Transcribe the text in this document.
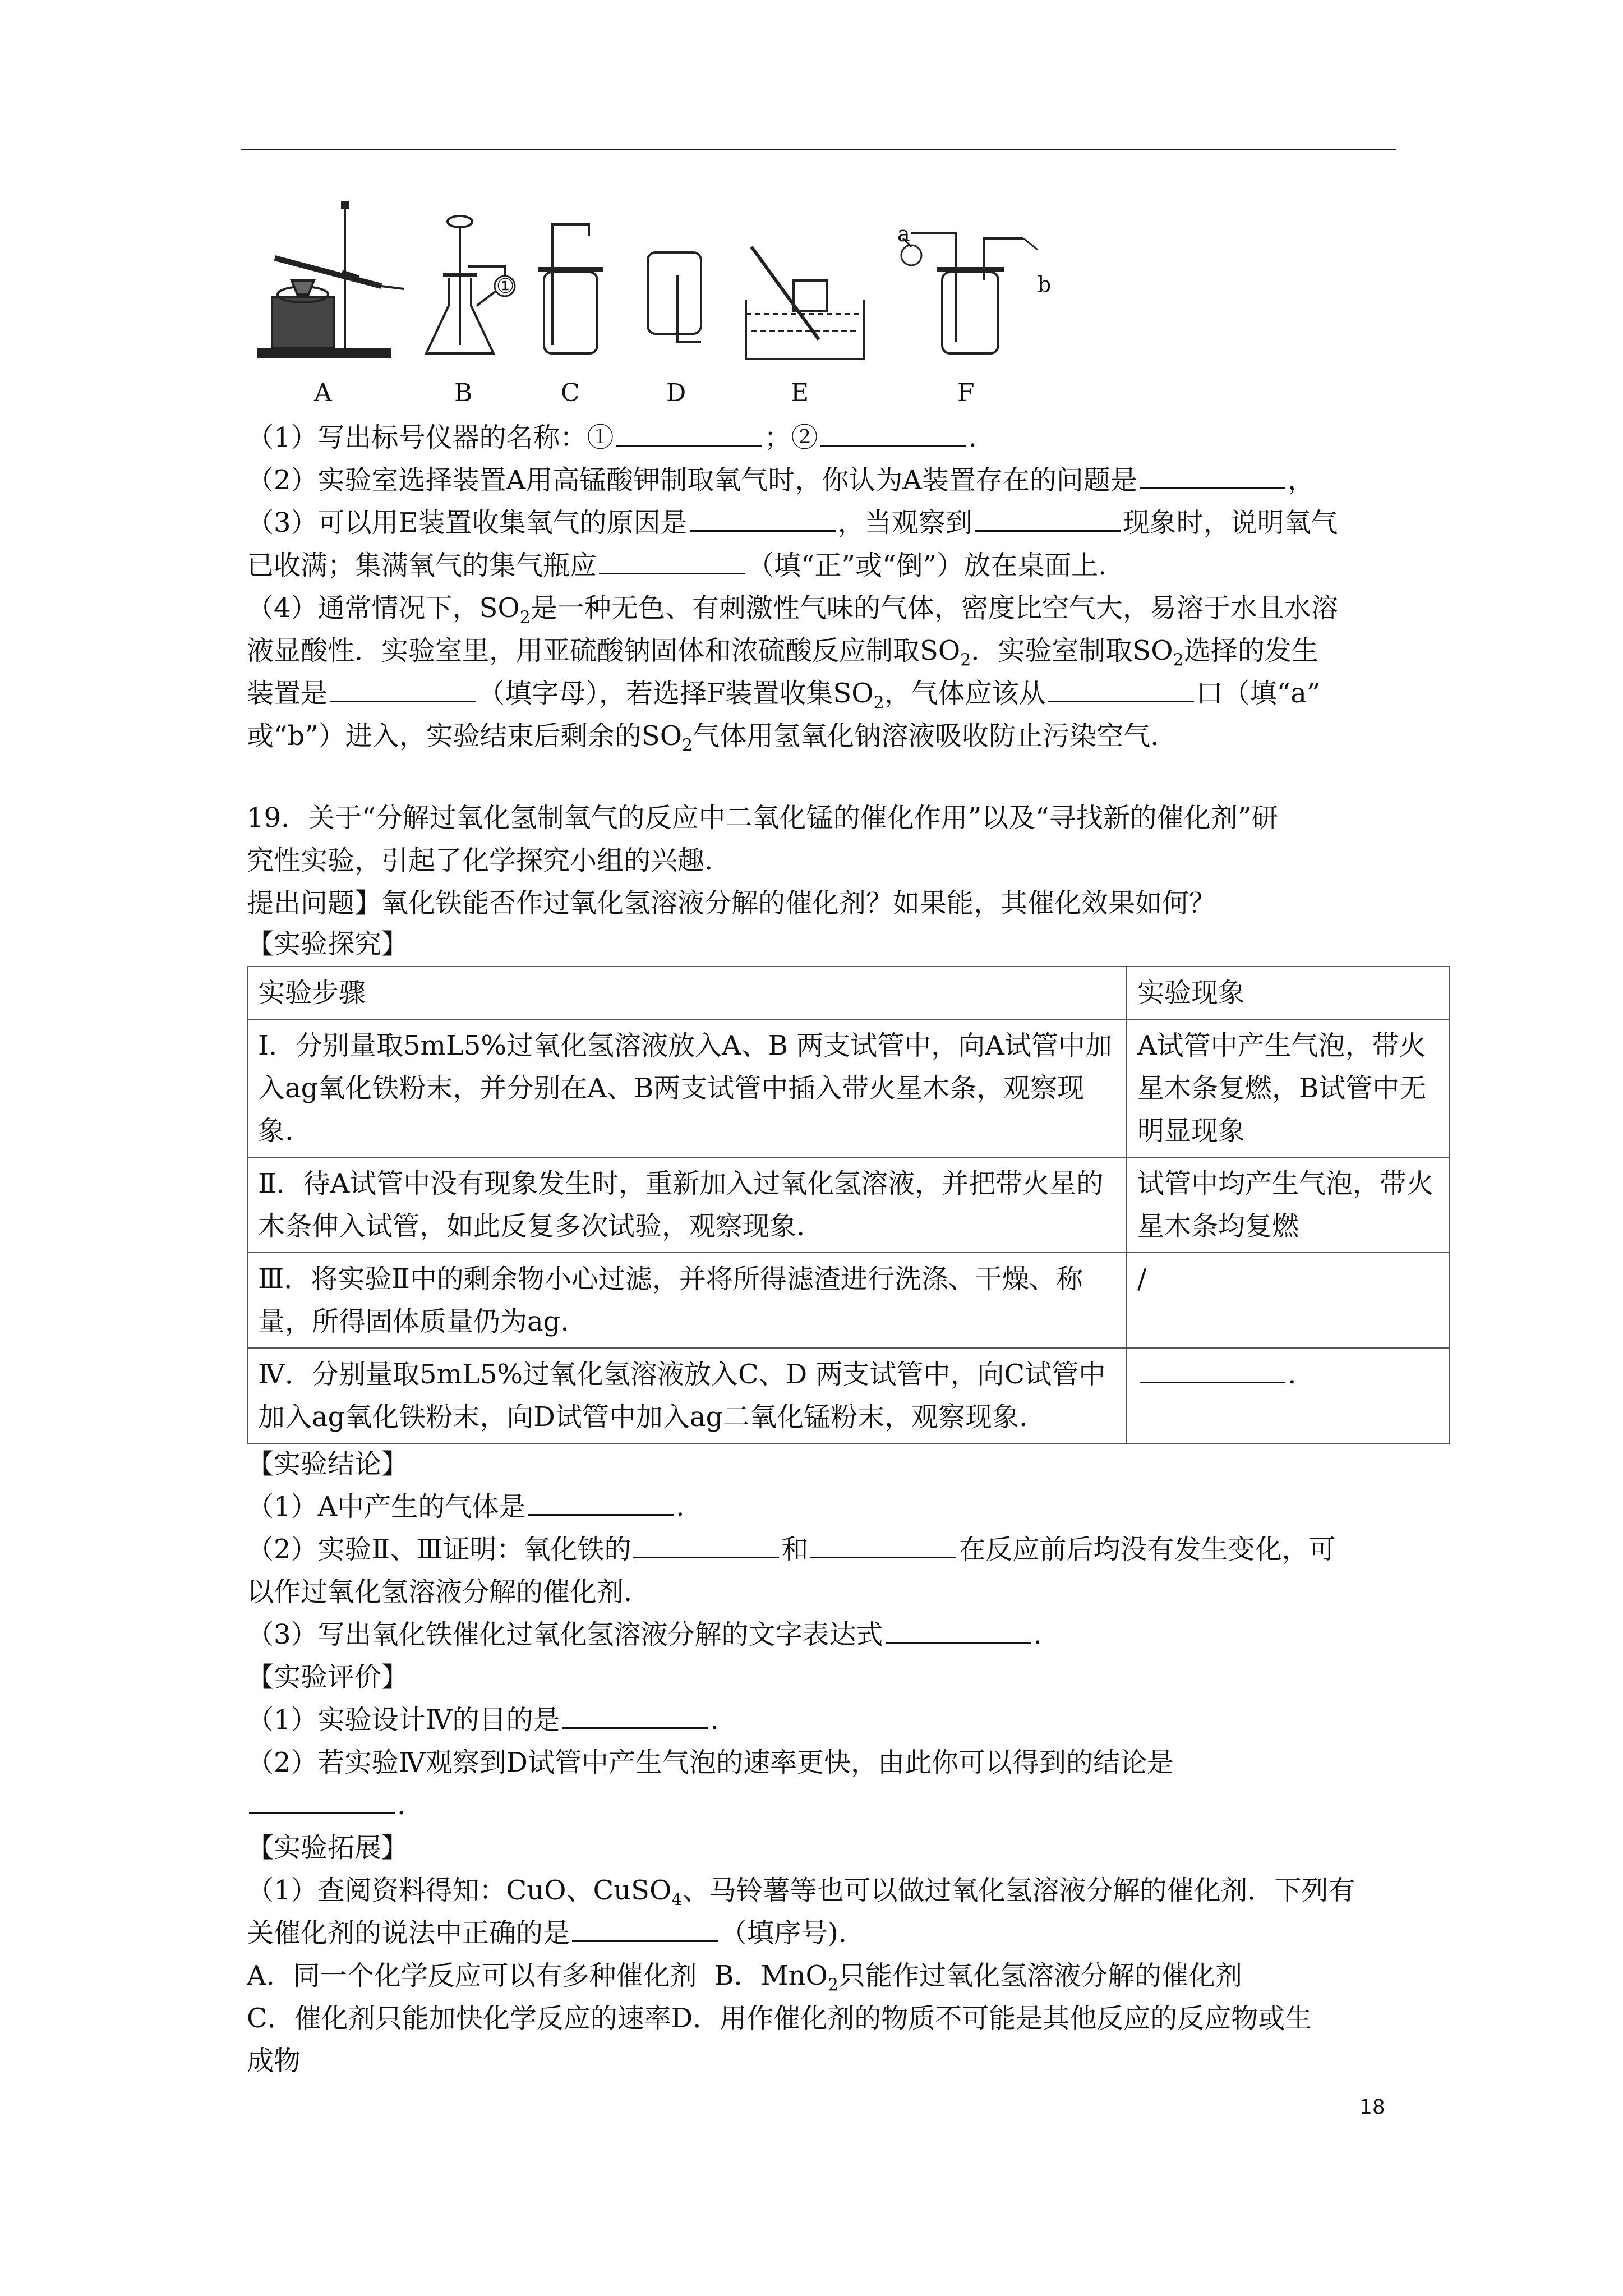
A	B	C	D	E	F
①
a
b
（1）写出标号仪器的名称：①	；②	.
（2）实验室选择装置A用高锰酸钾制取氧气时，你认为A装置存在的问题是	，
（3）可以用E装置收集氧气的原因是	，当观察到	现象时，说明氧气
已收满；集满氧气的集气瓶应	（填“正”或“倒”）放在桌面上.
（4）通常情况下，$SO_2$是一种无色、有刺激性气味的气体，密度比空气大，易溶于水且水溶
液显酸性．实验室里，用亚硫酸钠固体和浓硫酸反应制取$SO_2$．实验室制取$SO_2$选择的发生
装置是	（填字母），若选择F装置收集$SO_2$，气体应该从	口（填“a”
或“b”）进入，实验结束后剩余的$SO_2$气体用氢氧化钠溶液吸收防止污染空气.
19．关于“分解过氧化氢制氧气的反应中二氧化锰的催化作用”以及“寻找新的催化剂”研
究性实验，引起了化学探究小组的兴趣.
提出问题】氧化铁能否作过氧化氢溶液分解的催化剂？如果能，其催化效果如何？
【实验探究】
实验步骤	实验现象
Ⅰ．分别量取5mL5%过氧化氢溶液放入A、B 两支试管中，向A试管中加入ag氧化铁粉末，并分别在A、B两支试管中插入带火星木条，观察现象.	A试管中产生气泡，带火星木条复燃，B试管中无明显现象
Ⅱ．待A试管中没有现象发生时，重新加入过氧化氢溶液，并把带火星的木条伸入试管，如此反复多次试验，观察现象.	试管中均产生气泡，带火星木条均复燃
Ⅲ．将实验Ⅱ中的剩余物小心过滤，并将所得滤渣进行洗涤、干燥、称量，所得固体质量仍为ag.	/
Ⅳ．分别量取5mL5%过氧化氢溶液放入C、D 两支试管中，向C试管中加入ag氧化铁粉末，向D试管中加入ag二氧化锰粉末，观察现象.	.
【实验结论】
（1）A中产生的气体是	.
（2）实验Ⅱ、Ⅲ证明：氧化铁的	和	在反应前后均没有发生变化，可
以作过氧化氢溶液分解的催化剂.
（3）写出氧化铁催化过氧化氢溶液分解的文字表达式	.
【实验评价】
（1）实验设计Ⅳ的目的是	.
（2）若实验Ⅳ观察到D试管中产生气泡的速率更快，由此你可以得到的结论是
.
【实验拓展】
（1）查阅资料得知：CuO、CuSO$_4$、马铃薯等也可以做过氧化氢溶液分解的催化剂．下列有
关催化剂的说法中正确的是	（填序号).
A．同一个化学反应可以有多种催化剂 B．MnO$_2$只能作过氧化氢溶液分解的催化剂
C．催化剂只能加快化学反应的速率D．用作催化剂的物质不可能是其他反应的反应物或生
成物
18
